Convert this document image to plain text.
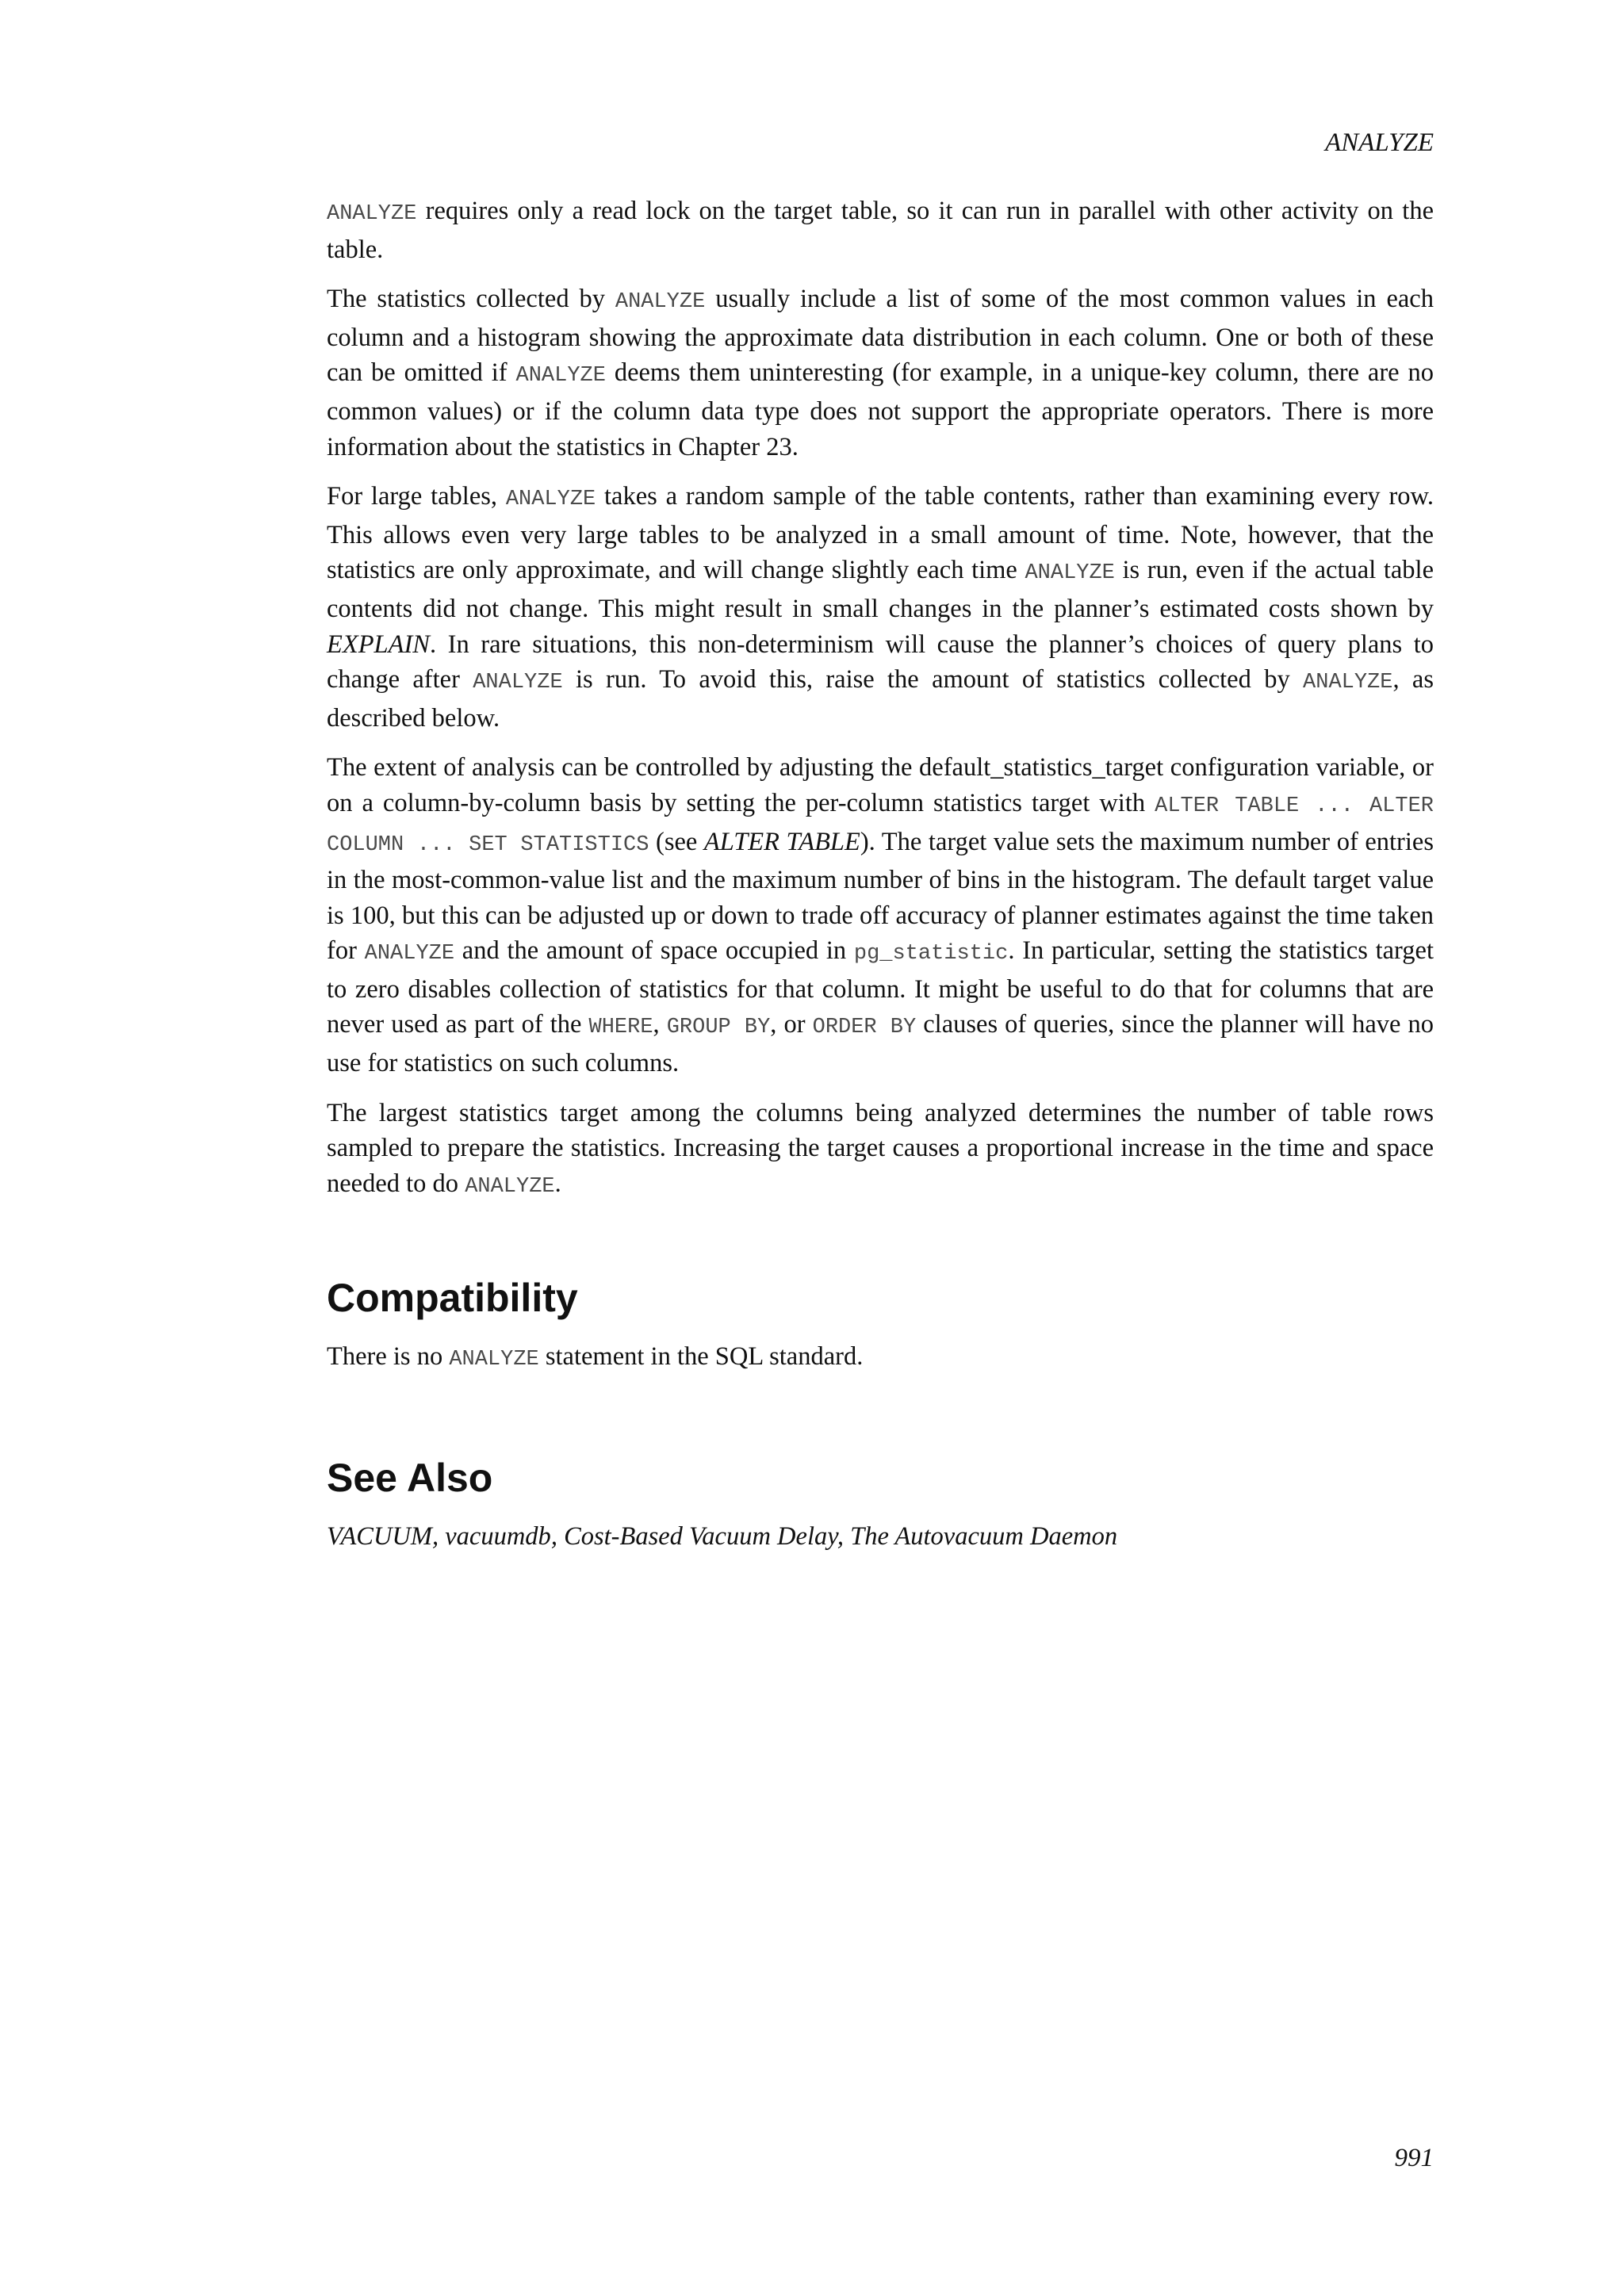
ANALYZE

ANALYZE requires only a read lock on the target table, so it can run in parallel with other activity on the table.

The statistics collected by ANALYZE usually include a list of some of the most common values in each column and a histogram showing the approximate data distribution in each column. One or both of these can be omitted if ANALYZE deems them uninteresting (for example, in a unique-key column, there are no common values) or if the column data type does not support the appropriate operators. There is more information about the statistics in Chapter 23.

For large tables, ANALYZE takes a random sample of the table contents, rather than examining every row. This allows even very large tables to be analyzed in a small amount of time. Note, however, that the statistics are only approximate, and will change slightly each time ANALYZE is run, even if the actual table contents did not change. This might result in small changes in the planner’s estimated costs shown by EXPLAIN. In rare situations, this non-determinism will cause the planner’s choices of query plans to change after ANALYZE is run. To avoid this, raise the amount of statistics collected by ANALYZE, as described below.

The extent of analysis can be controlled by adjusting the default_statistics_target configuration variable, or on a column-by-column basis by setting the per-column statistics target with ALTER TABLE ... ALTER COLUMN ... SET STATISTICS (see ALTER TABLE). The target value sets the maximum number of entries in the most-common-value list and the maximum number of bins in the histogram. The default target value is 100, but this can be adjusted up or down to trade off accuracy of planner estimates against the time taken for ANALYZE and the amount of space occupied in pg_statistic. In particular, setting the statistics target to zero disables collection of statistics for that column. It might be useful to do that for columns that are never used as part of the WHERE, GROUP BY, or ORDER BY clauses of queries, since the planner will have no use for statistics on such columns.

The largest statistics target among the columns being analyzed determines the number of table rows sampled to prepare the statistics. Increasing the target causes a proportional increase in the time and space needed to do ANALYZE.

Compatibility

There is no ANALYZE statement in the SQL standard.

See Also

VACUUM, vacuumdb, Cost-Based Vacuum Delay, The Autovacuum Daemon

991
